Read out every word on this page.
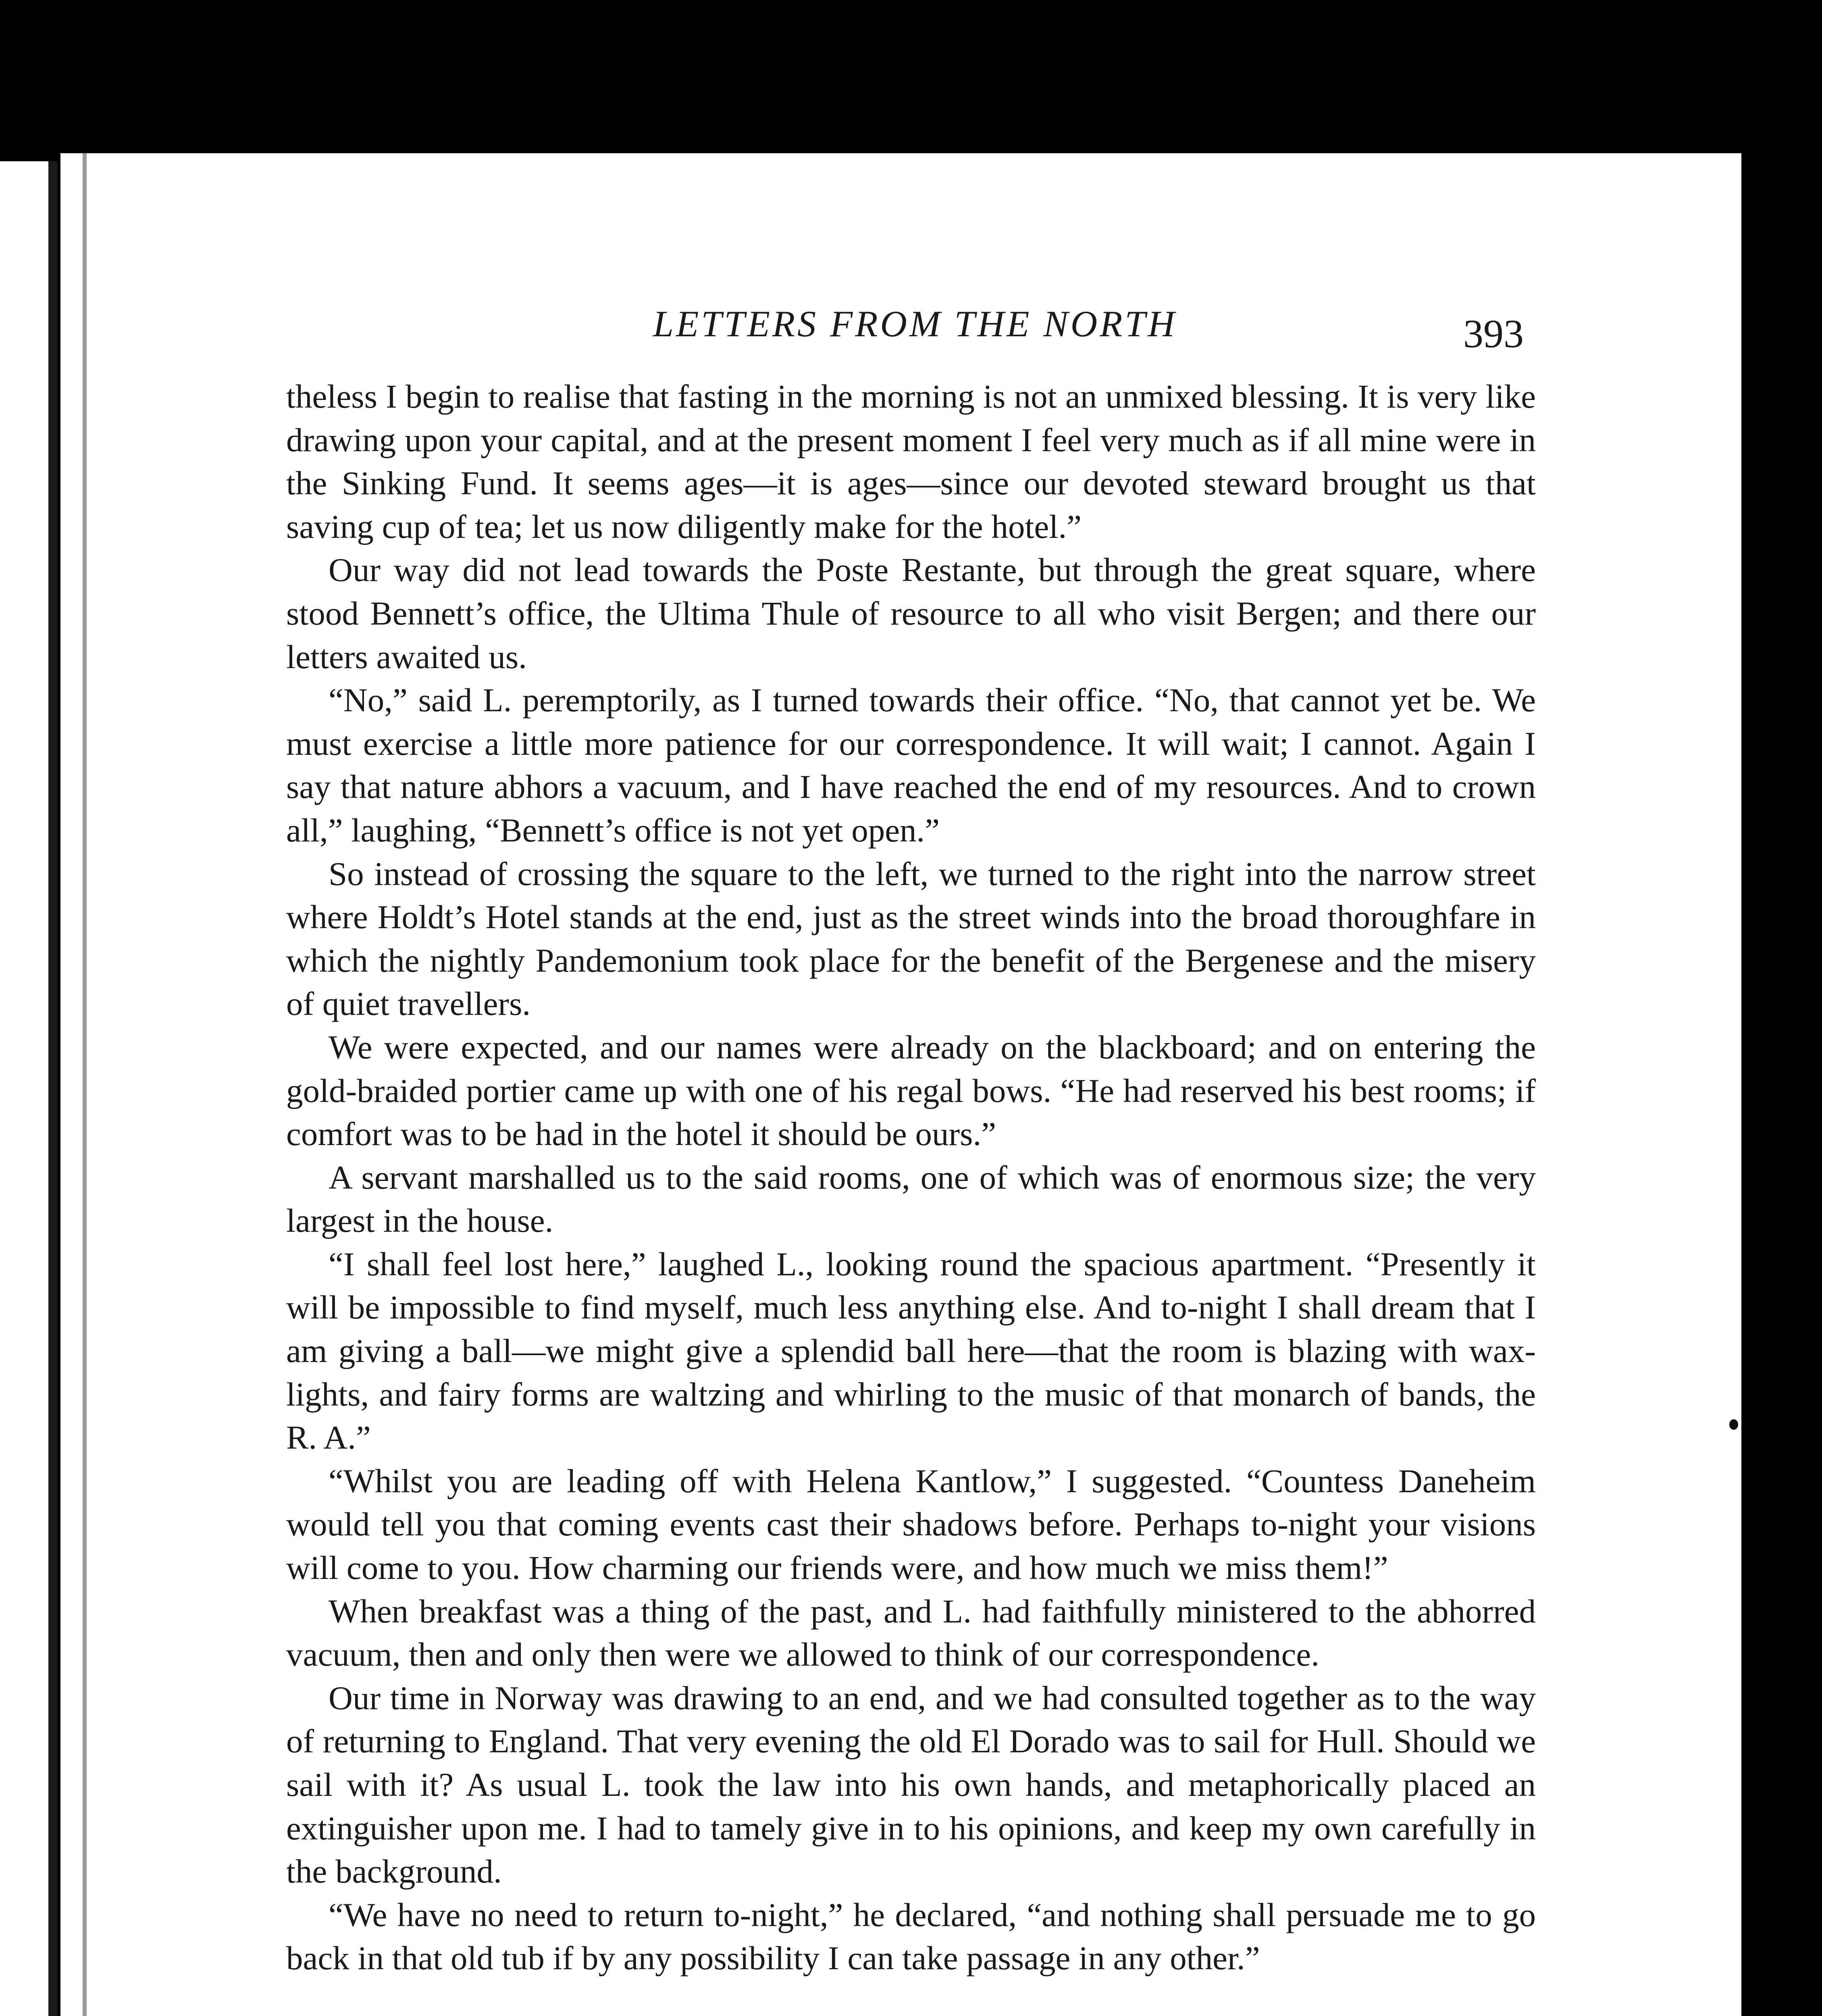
LETTERS FROM THE NORTH	393

theless I begin to realise that fasting in the morning is not an unmixed blessing. It is very like drawing upon your capital, and at the present moment I feel very much as if all mine were in the Sinking Fund. It seems ages—it is ages—since our devoted steward brought us that saving cup of tea; let us now diligently make for the hotel.”

Our way did not lead towards the Poste Restante, but through the great square, where stood Bennett’s office, the Ultima Thule of resource to all who visit Bergen; and there our letters awaited us.

“No,” said L. peremptorily, as I turned towards their office. “No, that cannot yet be. We must exercise a little more patience for our correspondence. It will wait; I cannot. Again I say that nature abhors a vacuum, and I have reached the end of my resources. And to crown all,” laughing, “Bennett’s office is not yet open.”

So instead of crossing the square to the left, we turned to the right into the narrow street where Holdt’s Hotel stands at the end, just as the street winds into the broad thoroughfare in which the nightly Pandemonium took place for the benefit of the Bergenese and the misery of quiet travellers.

We were expected, and our names were already on the blackboard; and on entering the gold-braided portier came up with one of his regal bows. “He had reserved his best rooms; if comfort was to be had in the hotel it should be ours.”

A servant marshalled us to the said rooms, one of which was of enormous size; the very largest in the house.

“I shall feel lost here,” laughed L., looking round the spacious apartment. “Presently it will be impossible to find myself, much less anything else. And to-night I shall dream that I am giving a ball—we might give a splendid ball here—that the room is blazing with wax-lights, and fairy forms are waltzing and whirling to the music of that monarch of bands, the R. A.”

“Whilst you are leading off with Helena Kantlow,” I suggested. “Countess Daneheim would tell you that coming events cast their shadows before. Perhaps to-night your visions will come to you. How charming our friends were, and how much we miss them!”

When breakfast was a thing of the past, and L. had faithfully ministered to the abhorred vacuum, then and only then were we allowed to think of our correspondence.

Our time in Norway was drawing to an end, and we had consulted together as to the way of returning to England. That very evening the old El Dorado was to sail for Hull. Should we sail with it? As usual L. took the law into his own hands, and metaphorically placed an extinguisher upon me. I had to tamely give in to his opinions, and keep my own carefully in the background.

“We have no need to return to-night,” he declared, “and nothing shall persuade me to go back in that old tub if by any possibility I can take passage in any other.”
